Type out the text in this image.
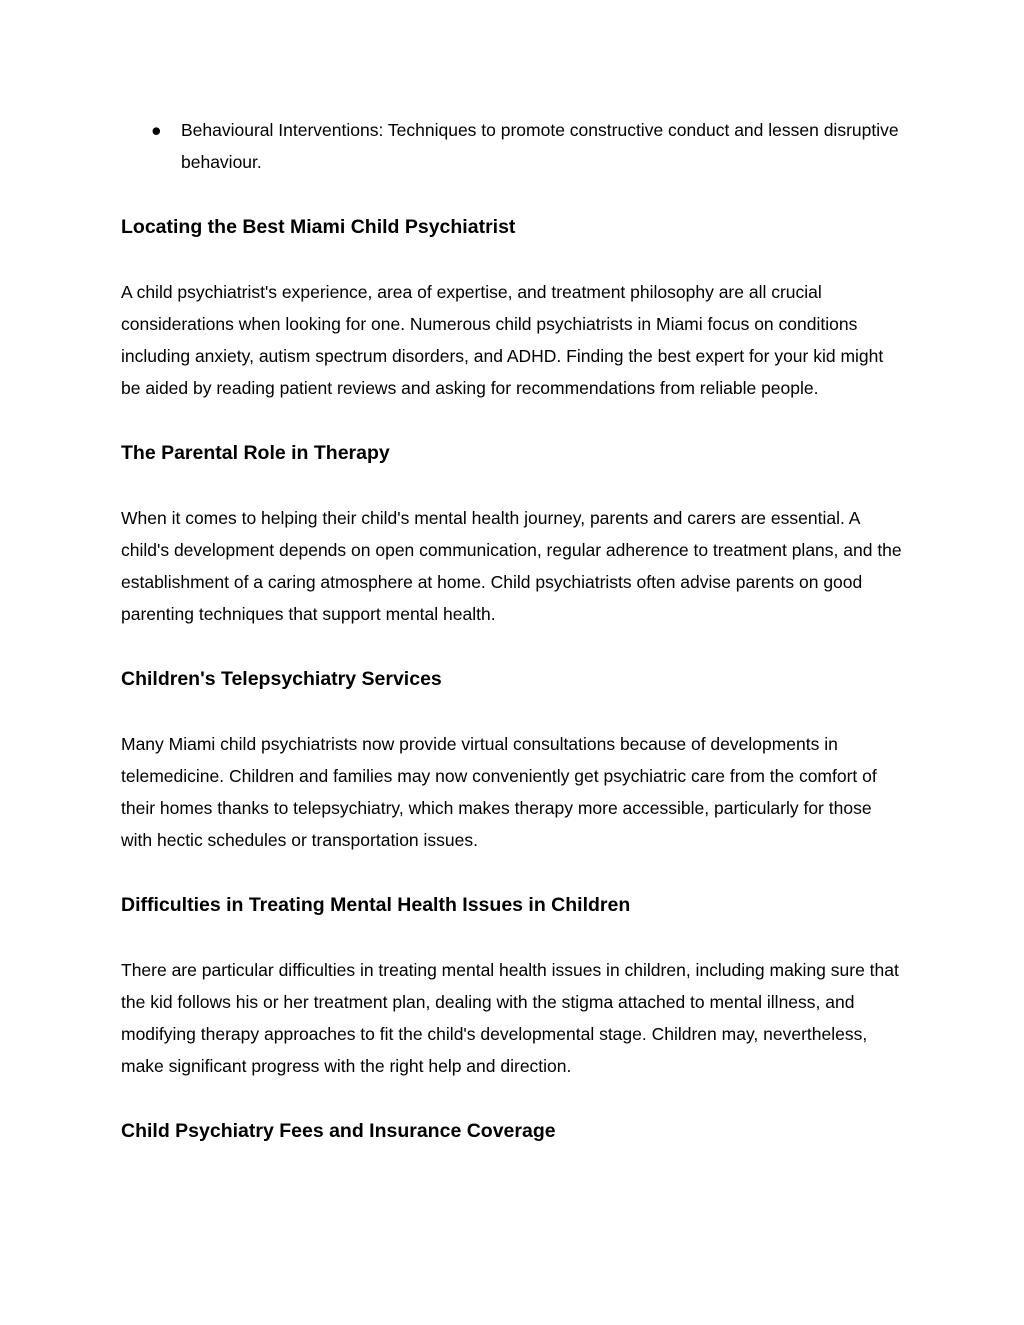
● Behavioural Interventions: Techniques to promote constructive conduct and lessen disruptive behaviour.
Locating the Best Miami Child Psychiatrist

A child psychiatrist's experience, area of expertise, and treatment philosophy are all crucial considerations when looking for one. Numerous child psychiatrists in Miami focus on conditions including anxiety, autism spectrum disorders, and ADHD. Finding the best expert for your kid might be aided by reading patient reviews and asking for recommendations from reliable people.

The Parental Role in Therapy

When it comes to helping their child's mental health journey, parents and carers are essential. A child's development depends on open communication, regular adherence to treatment plans, and the establishment of a caring atmosphere at home. Child psychiatrists often advise parents on good parenting techniques that support mental health.

Children's Telepsychiatry Services

Many Miami child psychiatrists now provide virtual consultations because of developments in telemedicine. Children and families may now conveniently get psychiatric care from the comfort of their homes thanks to telepsychiatry, which makes therapy more accessible, particularly for those with hectic schedules or transportation issues.

Difficulties in Treating Mental Health Issues in Children

There are particular difficulties in treating mental health issues in children, including making sure that the kid follows his or her treatment plan, dealing with the stigma attached to mental illness, and modifying therapy approaches to fit the child's developmental stage. Children may, nevertheless, make significant progress with the right help and direction.

Child Psychiatry Fees and Insurance Coverage
